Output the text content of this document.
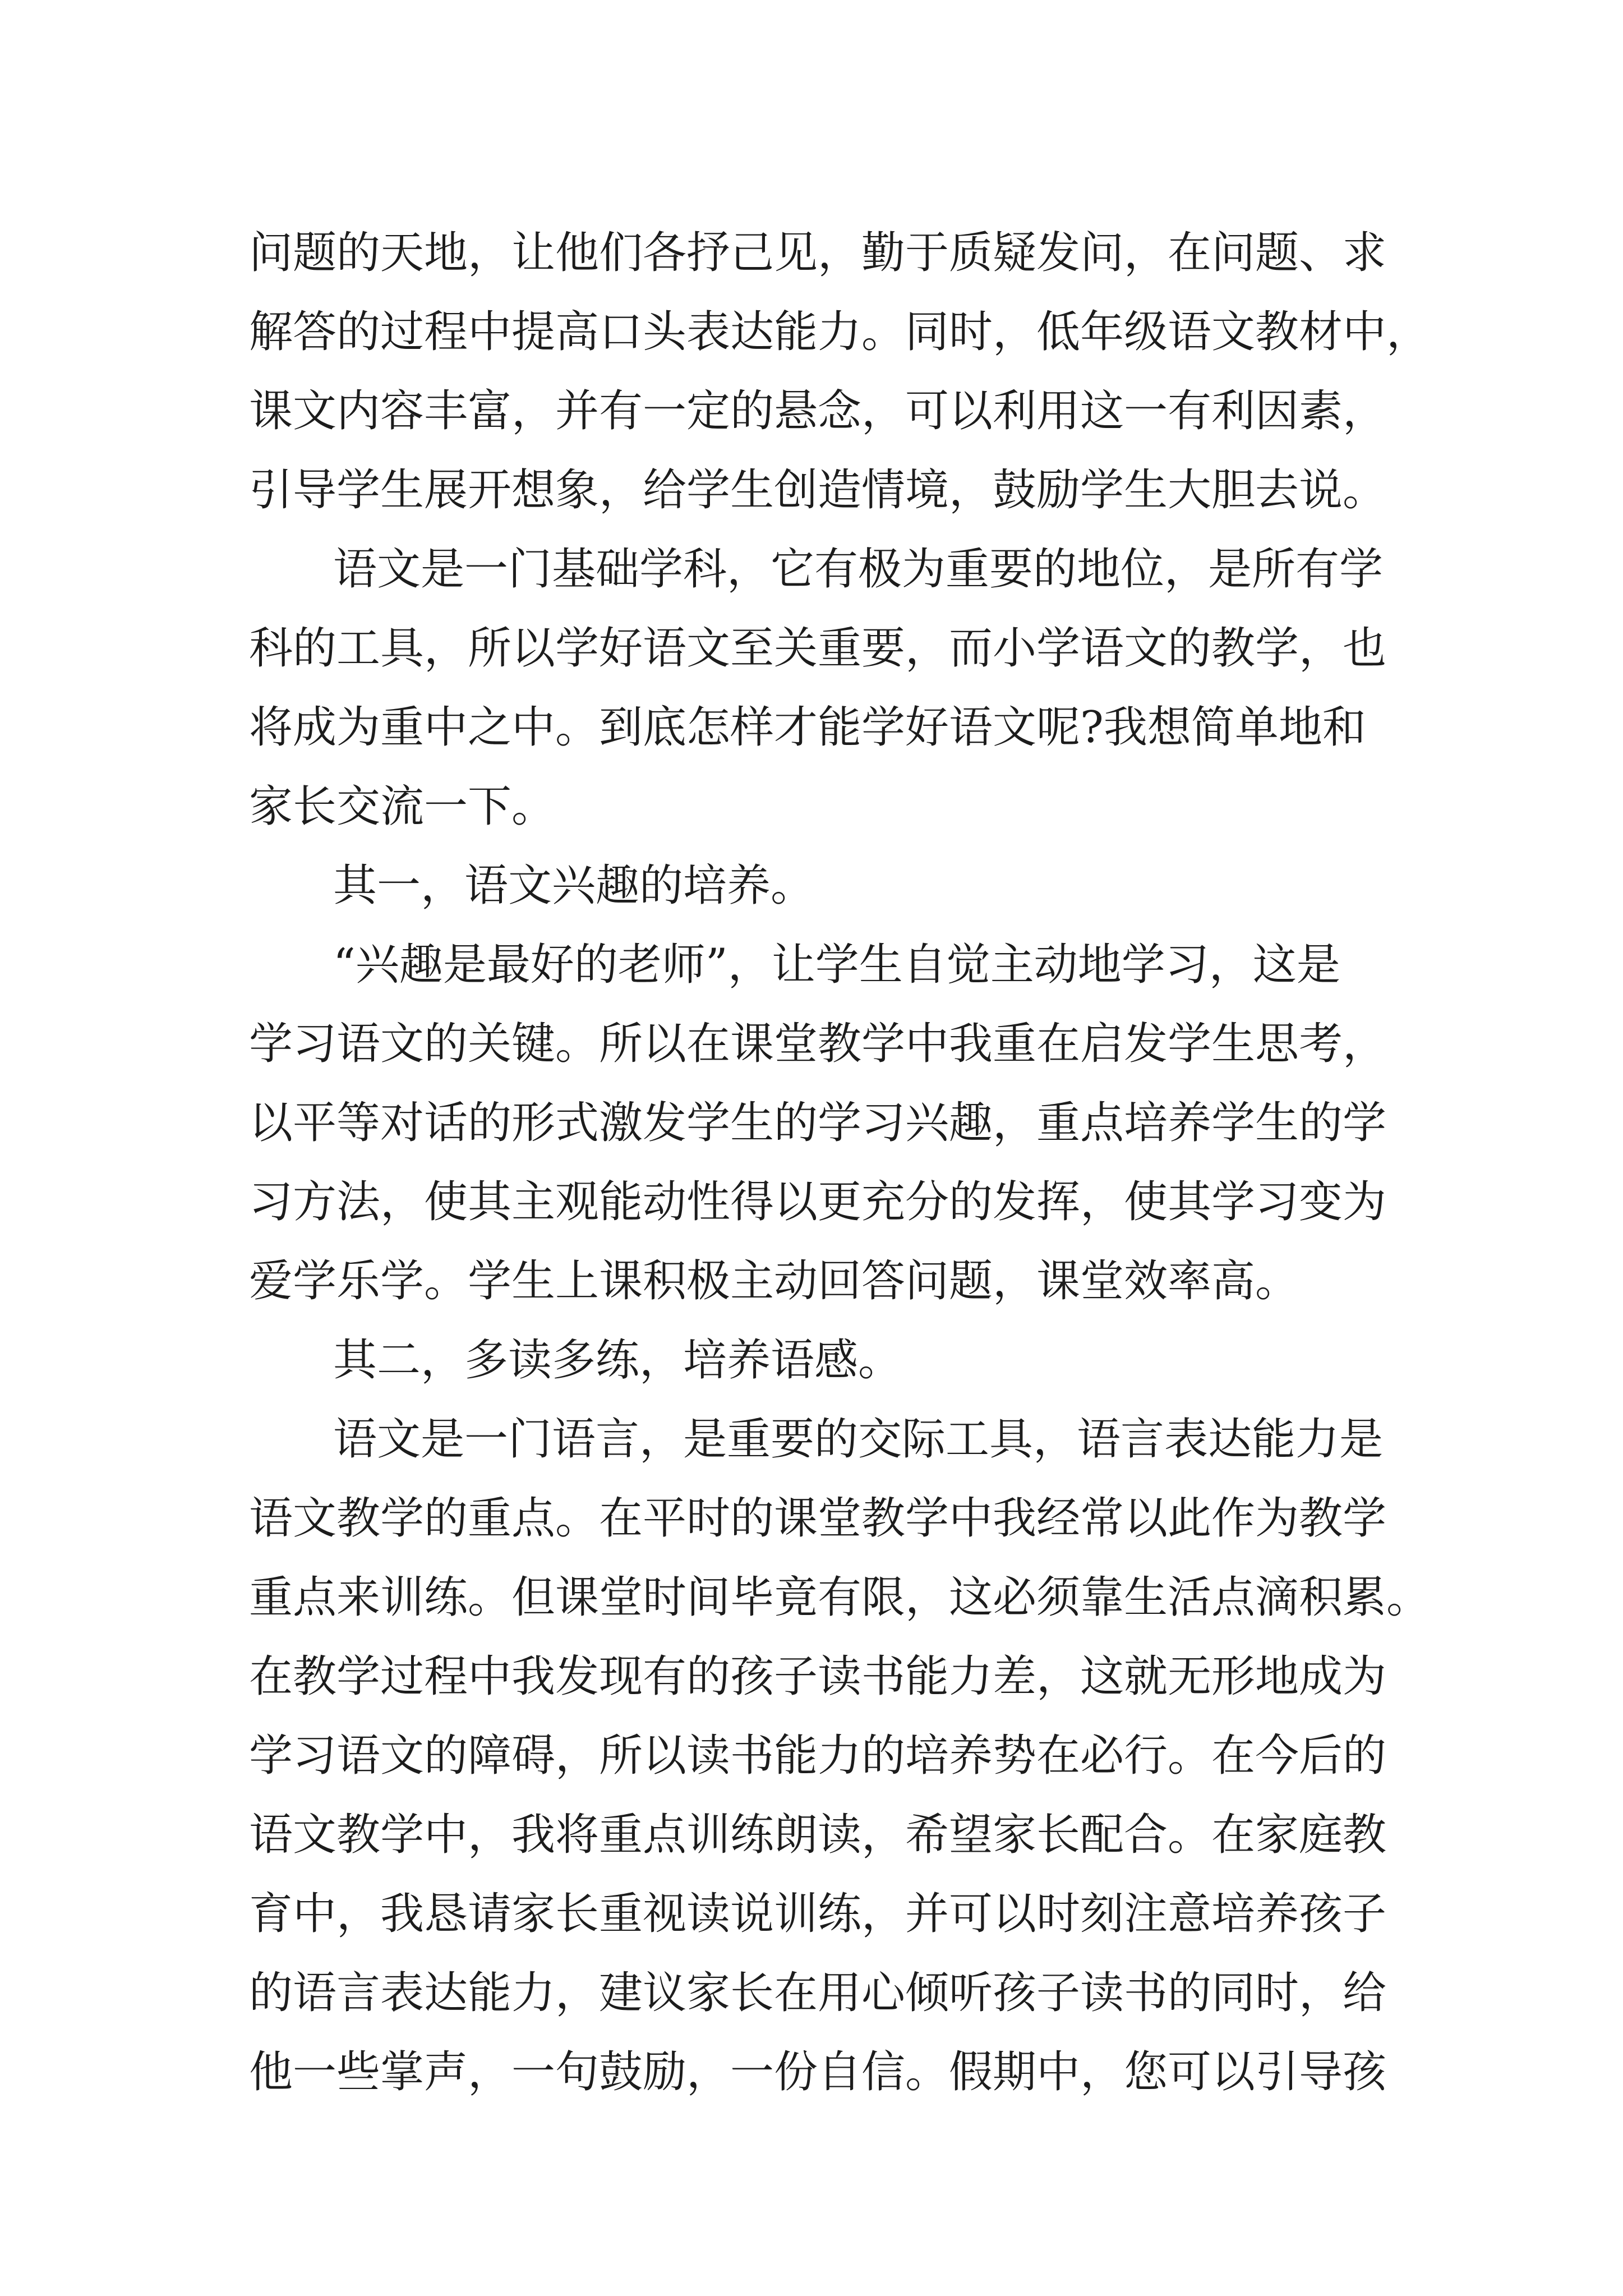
问题的天地，让他们各抒己见，勤于质疑发问，在问题、求
解答的过程中提高口头表达能力。同时，低年级语文教材中，
课文内容丰富，并有一定的悬念，可以利用这一有利因素，
引导学生展开想象，给学生创造情境，鼓励学生大胆去说。
语文是一门基础学科，它有极为重要的地位，是所有学
科的工具，所以学好语文至关重要，而小学语文的教学，也
将成为重中之中。到底怎样才能学好语文呢?我想简单地和
家长交流一下。
其一，语文兴趣的培养。
“兴趣是最好的老师”，让学生自觉主动地学习，这是
学习语文的关键。所以在课堂教学中我重在启发学生思考，
以平等对话的形式激发学生的学习兴趣，重点培养学生的学
习方法，使其主观能动性得以更充分的发挥，使其学习变为
爱学乐学。学生上课积极主动回答问题，课堂效率高。
其二，多读多练，培养语感。
语文是一门语言，是重要的交际工具，语言表达能力是
语文教学的重点。在平时的课堂教学中我经常以此作为教学
重点来训练。但课堂时间毕竟有限，这必须靠生活点滴积累。
在教学过程中我发现有的孩子读书能力差，这就无形地成为
学习语文的障碍，所以读书能力的培养势在必行。在今后的
语文教学中，我将重点训练朗读，希望家长配合。在家庭教
育中，我恳请家长重视读说训练，并可以时刻注意培养孩子
的语言表达能力，建议家长在用心倾听孩子读书的同时，给
他一些掌声，一句鼓励，一份自信。假期中，您可以引导孩
